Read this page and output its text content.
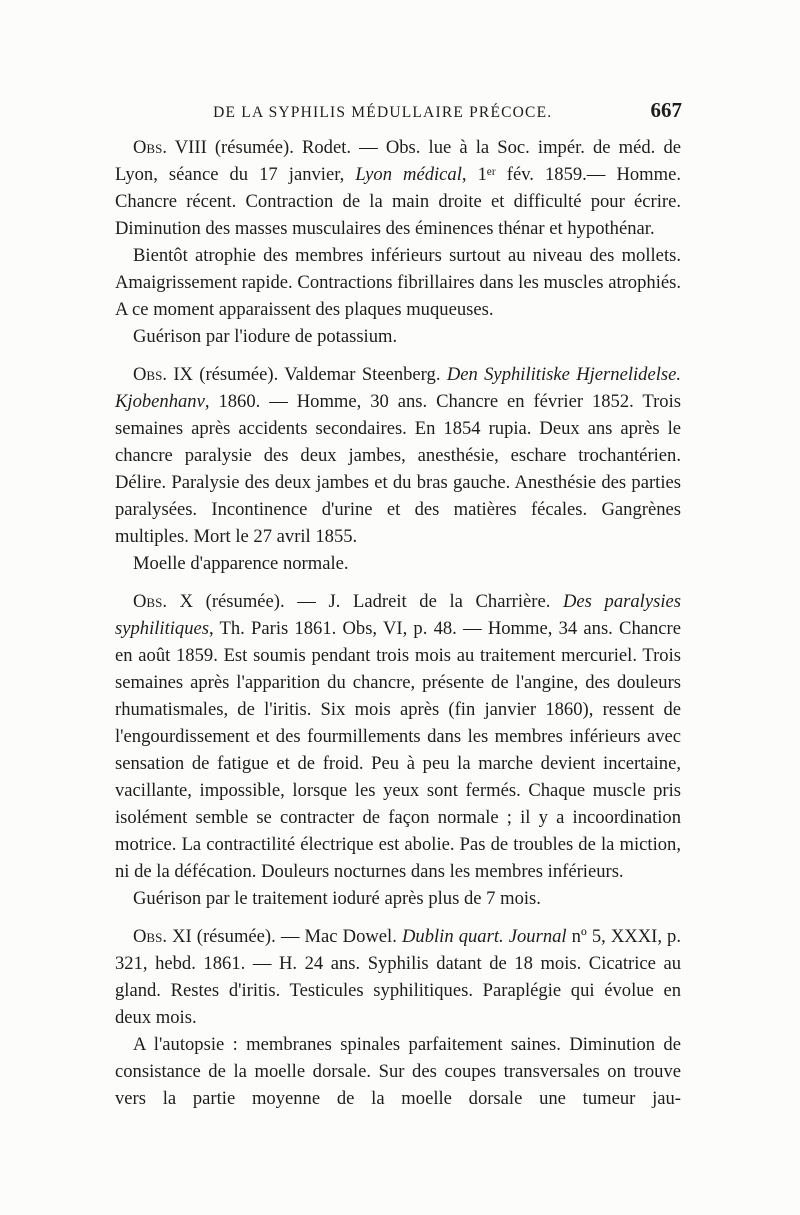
DE LA SYPHILIS MÉDULLAIRE PRÉCOCE.	667

Obs. VIII (résumée). Rodet. — Obs. lue à la Soc. impér. de méd. de Lyon, séance du 17 janvier, Lyon médical, 1ᵉʳ fév. 1859.— Homme. Chancre récent. Contraction de la main droite et difficulté pour écrire. Diminution des masses musculaires des éminences thénar et hypothénar.

Bientôt atrophie des membres inférieurs surtout au niveau des mollets. Amaigrissement rapide. Contractions fibrillaires dans les muscles atrophiés. A ce moment apparaissent des plaques muqueuses.

Guérison par l'iodure de potassium.

Obs. IX (résumée). Valdemar Steenberg. Den Syphilitiske Hjernelidelse. Kjobenhanv, 1860. — Homme, 30 ans. Chancre en février 1852. Trois semaines après accidents secondaires. En 1854 rupia. Deux ans après le chancre paralysie des deux jambes, anesthésie, eschare trochantérien. Délire. Paralysie des deux jambes et du bras gauche. Anesthésie des parties paralysées. Incontinence d'urine et des matières fécales. Gangrènes multiples. Mort le 27 avril 1855.

Moelle d'apparence normale.

Obs. X (résumée). — J. Ladreit de la Charrière. Des paralysies syphilitiques, Th. Paris 1861. Obs, VI, p. 48. — Homme, 34 ans. Chancre en août 1859. Est soumis pendant trois mois au traitement mercuriel. Trois semaines après l'apparition du chancre, présente de l'angine, des douleurs rhumatismales, de l'iritis. Six mois après (fin janvier 1860), ressent de l'engourdissement et des fourmillements dans les membres inférieurs avec sensation de fatigue et de froid. Peu à peu la marche devient incertaine, vacillante, impossible, lorsque les yeux sont fermés. Chaque muscle pris isolément semble se contracter de façon normale ; il y a incoordination motrice. La contractilité électrique est abolie. Pas de troubles de la miction, ni de la défécation. Douleurs nocturnes dans les membres inférieurs.

Guérison par le traitement ioduré après plus de 7 mois.

Obs. XI (résumée). — Mac Dowel. Dublin quart. Journal nº 5, XXXI, p. 321, hebd. 1861. — H. 24 ans. Syphilis datant de 18 mois. Cicatrice au gland. Restes d'iritis. Testicules syphilitiques. Paraplégie qui évolue en deux mois.

A l'autopsie : membranes spinales parfaitement saines. Diminution de consistance de la moelle dorsale. Sur des coupes transversales on trouve vers la partie moyenne de la moelle dorsale une tumeur jau-
